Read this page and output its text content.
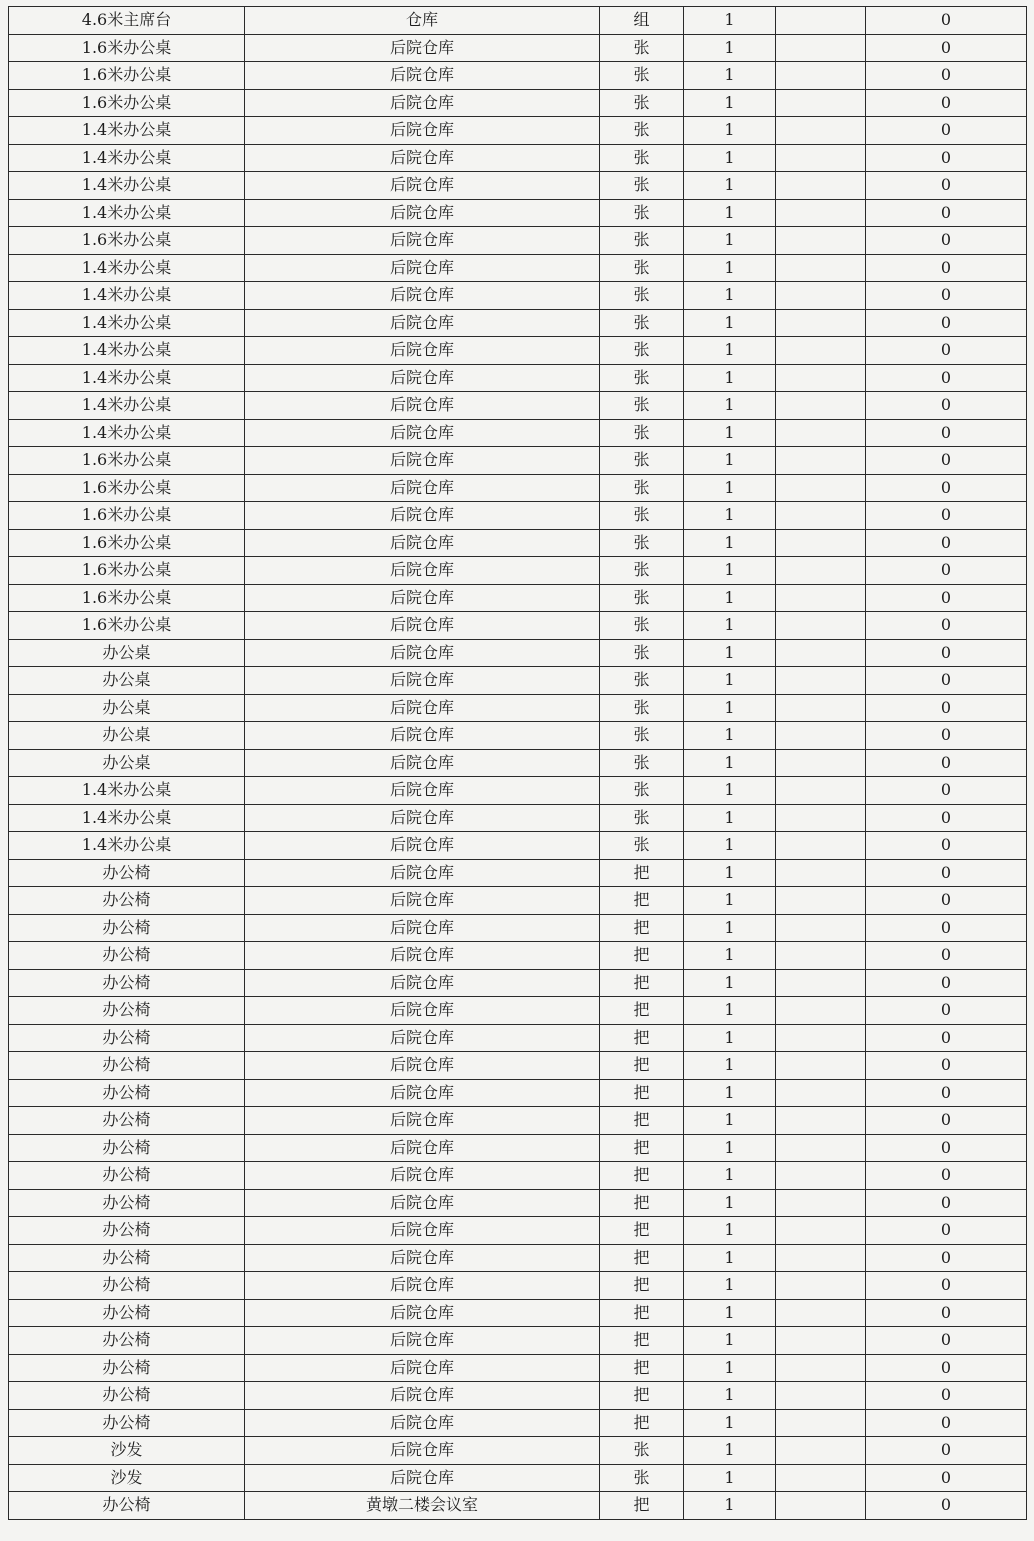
4.6米主席台	仓库	组	1		0
1.6米办公桌	后院仓库	张	1		0
1.6米办公桌	后院仓库	张	1		0
1.6米办公桌	后院仓库	张	1		0
1.4米办公桌	后院仓库	张	1		0
1.4米办公桌	后院仓库	张	1		0
1.4米办公桌	后院仓库	张	1		0
1.4米办公桌	后院仓库	张	1		0
1.6米办公桌	后院仓库	张	1		0
1.4米办公桌	后院仓库	张	1		0
1.4米办公桌	后院仓库	张	1		0
1.4米办公桌	后院仓库	张	1		0
1.4米办公桌	后院仓库	张	1		0
1.4米办公桌	后院仓库	张	1		0
1.4米办公桌	后院仓库	张	1		0
1.4米办公桌	后院仓库	张	1		0
1.6米办公桌	后院仓库	张	1		0
1.6米办公桌	后院仓库	张	1		0
1.6米办公桌	后院仓库	张	1		0
1.6米办公桌	后院仓库	张	1		0
1.6米办公桌	后院仓库	张	1		0
1.6米办公桌	后院仓库	张	1		0
1.6米办公桌	后院仓库	张	1		0
办公桌	后院仓库	张	1		0
办公桌	后院仓库	张	1		0
办公桌	后院仓库	张	1		0
办公桌	后院仓库	张	1		0
办公桌	后院仓库	张	1		0
1.4米办公桌	后院仓库	张	1		0
1.4米办公桌	后院仓库	张	1		0
1.4米办公桌	后院仓库	张	1		0
办公椅	后院仓库	把	1		0
办公椅	后院仓库	把	1		0
办公椅	后院仓库	把	1		0
办公椅	后院仓库	把	1		0
办公椅	后院仓库	把	1		0
办公椅	后院仓库	把	1		0
办公椅	后院仓库	把	1		0
办公椅	后院仓库	把	1		0
办公椅	后院仓库	把	1		0
办公椅	后院仓库	把	1		0
办公椅	后院仓库	把	1		0
办公椅	后院仓库	把	1		0
办公椅	后院仓库	把	1		0
办公椅	后院仓库	把	1		0
办公椅	后院仓库	把	1		0
办公椅	后院仓库	把	1		0
办公椅	后院仓库	把	1		0
办公椅	后院仓库	把	1		0
办公椅	后院仓库	把	1		0
办公椅	后院仓库	把	1		0
办公椅	后院仓库	把	1		0
沙发	后院仓库	张	1		0
沙发	后院仓库	张	1		0
办公椅	黄墩二楼会议室	把	1		0
